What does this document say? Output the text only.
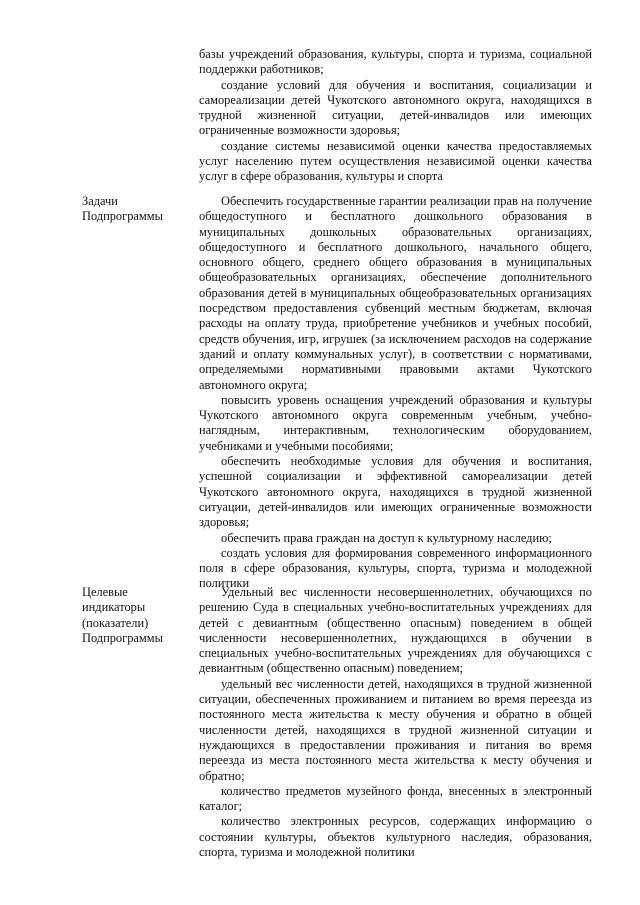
базы учреждений образования, культуры, спорта и туризма, социальной поддержки работников;

создание условий для обучения и воспитания, социализации и самореализации детей Чукотского автономного округа, находящихся в трудной жизненной ситуации, детей-инвалидов или имеющих ограниченные возможности здоровья;

создание системы независимой оценки качества предоставляемых услуг населению путем осуществления независимой оценки качества услуг в сфере образования, культуры и спорта

Задачи Подпрограммы

Обеспечить государственные гарантии реализации прав на получение общедоступного и бесплатного дошкольного образования в муниципальных дошкольных образовательных организациях, общедоступного и бесплатного дошкольного, начального общего, основного общего, среднего общего образования в муниципальных общеобразовательных организациях, обеспечение дополнительного образования детей в муниципальных общеобразовательных организациях посредством предоставления субвенций местным бюджетам, включая расходы на оплату труда, приобретение учебников и учебных пособий, средств обучения, игр, игрушек (за исключением расходов на содержание зданий и оплату коммунальных услуг), в соответствии с нормативами, определяемыми нормативными правовыми актами Чукотского автономного округа;

повысить уровень оснащения учреждений образования и культуры Чукотского автономного округа современным учебным, учебно-наглядным, интерактивным, технологическим оборудованием, учебниками и учебными пособиями;

обеспечить необходимые условия для обучения и воспитания, успешной социализации и эффективной самореализации детей Чукотского автономного округа, находящихся в трудной жизненной ситуации, детей-инвалидов или имеющих ограниченные возможности здоровья;

обеспечить права граждан на доступ к культурному наследию;

создать условия для формирования современного информационного поля в сфере образования, культуры, спорта, туризма и молодежной политики

Целевые индикаторы (показатели) Подпрограммы

Удельный вес численности несовершеннолетних, обучающихся по решению Суда в специальных учебно-воспитательных учреждениях для детей с девиантным (общественно опасным) поведением в общей численности несовершеннолетних, нуждающихся в обучении в специальных учебно-воспитательных учреждениях для обучающихся с девиантным (общественно опасным) поведением;

удельный вес численности детей, находящихся в трудной жизненной ситуации, обеспеченных проживанием и питанием во время переезда из постоянного места жительства к месту обучения и обратно в общей численности детей, находящихся в трудной жизненной ситуации и нуждающихся в предоставлении проживания и питания во время переезда из места постоянного места жительства к месту обучения и обратно;

количество предметов музейного фонда, внесенных в электронный каталог;

количество электронных ресурсов, содержащих информацию о состоянии культуры, объектов культурного наследия, образования, спорта, туризма и молодежной политики
